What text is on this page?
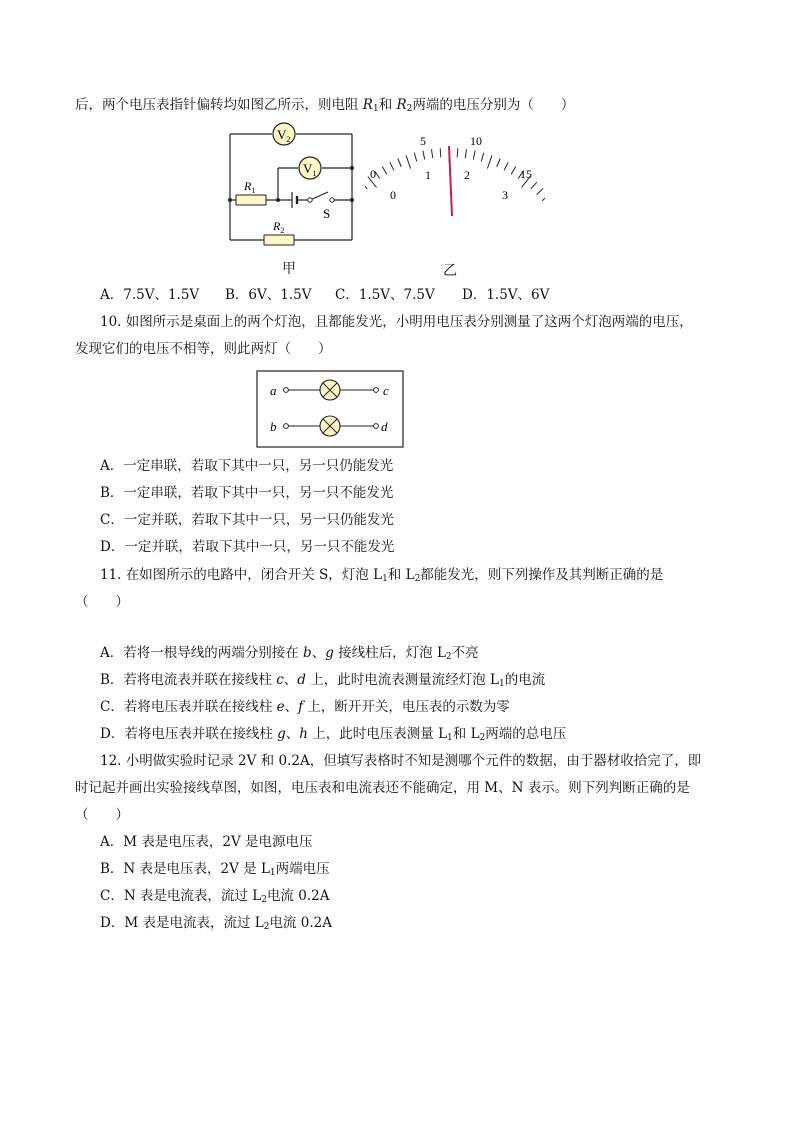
后，两个电压表指针偏转均如图乙所示，则电阻 $R_1$和 $R_2$两端的电压分别为（　　）
$V_2$
$V_1$
$R_1$
$R_2$
S
甲
0
5	10
15
0
1	2
3
乙
A．7.5V、1.5V B．6V、1.5V C．1.5V、7.5V D．1.5V、6V
10. 如图所示是桌面上的两个灯泡，且都能发光，小明用电压表分别测量了这两个灯泡两端的电压，
发现它们的电压不相等，则此两灯（　　）
a
b
c
d
A．一定串联，若取下其中一只，另一只仍能发光
B．一定串联，若取下其中一只，另一只不能发光
C．一定并联，若取下其中一只，另一只仍能发光
D．一定并联，若取下其中一只，另一只不能发光
11. 在如图所示的电路中，闭合开关 S，灯泡 $L_1$和 $L_2$都能发光，则下列操作及其判断正确的是
（　　）
A．若将一根导线的两端分别接在 b、g 接线柱后，灯泡 $L_2$不亮
B．若将电流表并联在接线柱 c、d 上，此时电流表测量流经灯泡 $L_1$的电流
C．若将电压表并联在接线柱 e、f 上，断开开关，电压表的示数为零
D．若将电压表并联在接线柱 g、h 上，此时电压表测量 $L_1$和 $L_2$两端的总电压
12. 小明做实验时记录 2V 和 0.2A，但填写表格时不知是测哪个元件的数据，由于器材收拾完了，即
时记起并画出实验接线草图，如图，电压表和电流表还不能确定，用 M、N 表示。则下列判断正确的是
（　　）
A．M 表是电压表，2V 是电源电压
B．N 表是电压表，2V 是 $L_1$两端电压
C．N 表是电流表，流过 $L_2$电流 0.2A
D．M 表是电流表，流过 $L_2$电流 0.2A
